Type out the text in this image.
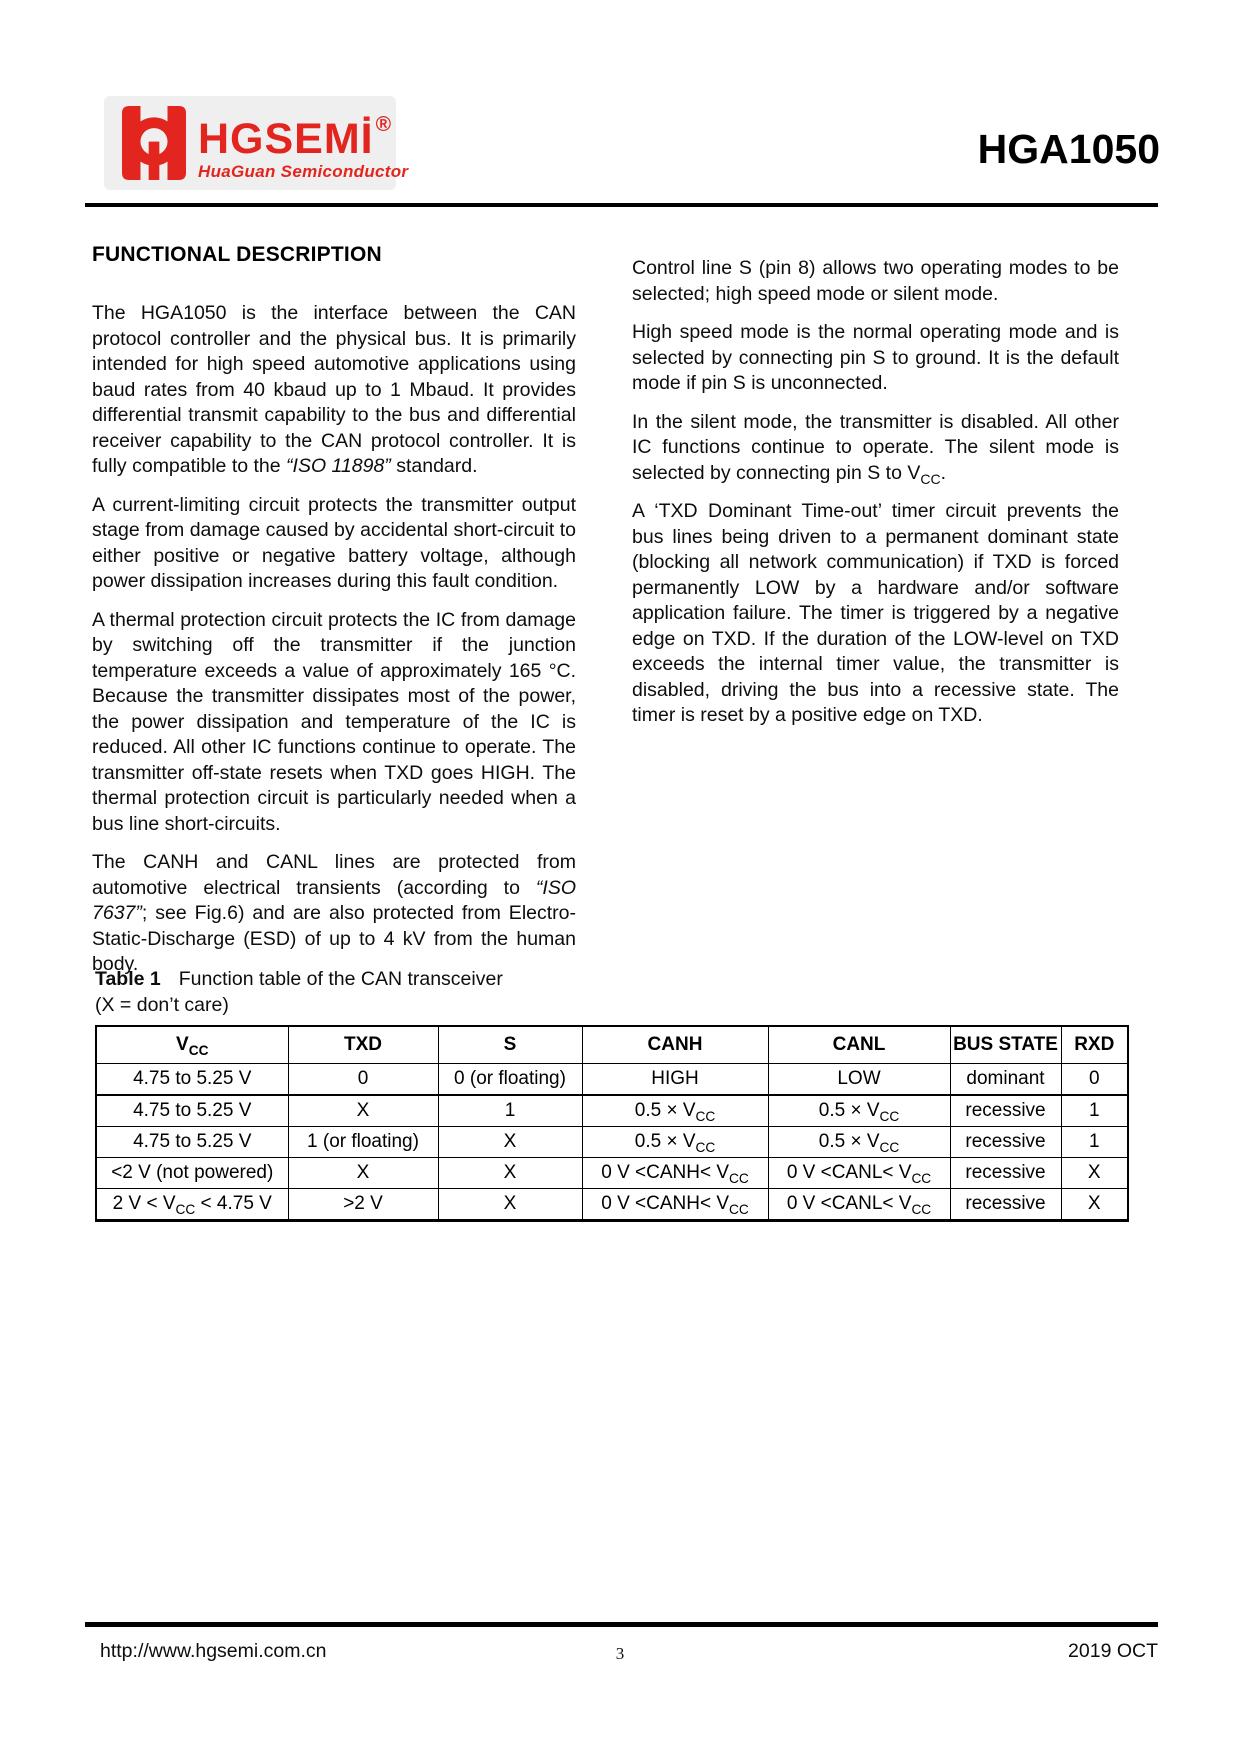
HGSEMİ®
HuaGuan Semiconductor	HGA1050
FUNCTIONAL DESCRIPTION

The HGA1050 is the interface between the CAN protocol controller and the physical bus. It is primarily intended for high speed automotive applications using baud rates from 40 kbaud up to 1 Mbaud. It provides differential transmit capability to the bus and differential receiver capability to the CAN protocol controller. It is fully compatible to the “ISO 11898” standard.

A current-limiting circuit protects the transmitter output stage from damage caused by accidental short-circuit to either positive or negative battery voltage, although power dissipation increases during this fault condition.

A thermal protection circuit protects the IC from damage by switching off the transmitter if the junction temperature exceeds a value of approximately 165 °C. Because the transmitter dissipates most of the power, the power dissipation and temperature of the IC is reduced. All other IC functions continue to operate. The transmitter off-state resets when TXD goes HIGH. The thermal protection circuit is particularly needed when a bus line short-circuits.

The CANH and CANL lines are protected from automotive electrical transients (according to “ISO 7637”; see Fig.6) and are also protected from Electro-Static-Discharge (ESD) of up to 4 kV from the human body.

Control line S (pin 8) allows two operating modes to be selected; high speed mode or silent mode.

High speed mode is the normal operating mode and is selected by connecting pin S to ground. It is the default mode if pin S is unconnected.

In the silent mode, the transmitter is disabled. All other IC functions continue to operate. The silent mode is selected by connecting pin S to $V_{CC}$.

A ‘TXD Dominant Time-out’ timer circuit prevents the bus lines being driven to a permanent dominant state (blocking all network communication) if TXD is forced permanently LOW by a hardware and/or software application failure. The timer is triggered by a negative edge on TXD. If the duration of the LOW-level on TXD exceeds the internal timer value, the transmitter is disabled, driving the bus into a recessive state. The timer is reset by a positive edge on TXD.

Table 1 Function table of the CAN transceiver
(X = don’t care)
$V_{CC}$	TXD	S	CANH	CANL	BUS STATE	RXD
4.75 to 5.25 V	0	0 (or floating)	HIGH	LOW	dominant	0
4.75 to 5.25 V	X	1	$0.5 \times V_{CC}$	$0.5 \times V_{CC}$	recessive	1
4.75 to 5.25 V	1 (or floating)	X	$0.5 \times V_{CC}$	$0.5 \times V_{CC}$	recessive	1
<2 V (not powered)	X	X	0 V <CANH< $V_{CC}$	0 V <CANL< $V_{CC}$	recessive	X
2 $V < V_{CC} < 4.75$ V	>2 V	X	0 V <CANH< $V_{CC}$	0 V <CANL< $V_{CC}$	recessive	X
http://www.hgsemi.com.cn	3	2019 OCT
